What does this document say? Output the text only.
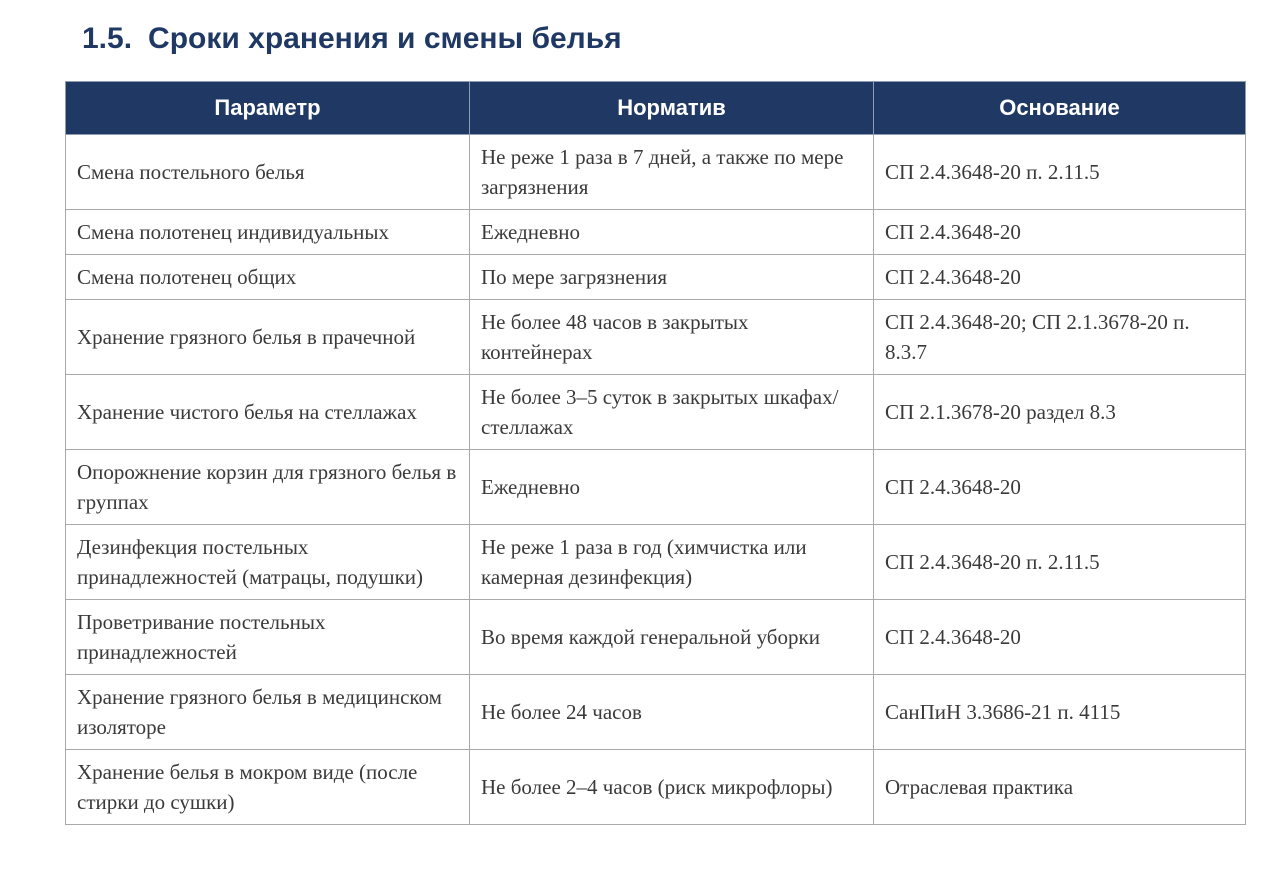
1.5. Сроки хранения и смены белья
Параметр	Норматив	Основание
Смена постельного белья	Не реже 1 раза в 7 дней, а также по мере загрязнения	СП 2.4.3648-20 п. 2.11.5
Смена полотенец индивидуальных	Ежедневно	СП 2.4.3648-20
Смена полотенец общих	По мере загрязнения	СП 2.4.3648-20
Хранение грязного белья в прачечной	Не более 48 часов в закрытых контейнерах	СП 2.4.3648-20; СП 2.1.3678-20 п. 8.3.7
Хранение чистого белья на стеллажах	Не более 3–5 суток в закрытых шкафах/стеллажах	СП 2.1.3678-20 раздел 8.3
Опорожнение корзин для грязного белья в группах	Ежедневно	СП 2.4.3648-20
Дезинфекция постельных принадлежностей (матрацы, подушки)	Не реже 1 раза в год (химчистка или камерная дезинфекция)	СП 2.4.3648-20 п. 2.11.5
Проветривание постельных принадлежностей	Во время каждой генеральной уборки	СП 2.4.3648-20
Хранение грязного белья в медицинском изоляторе	Не более 24 часов	СанПиН 3.3686-21 п. 4115
Хранение белья в мокром виде (после стирки до сушки)	Не более 2–4 часов (риск микрофлоры)	Отраслевая практика
